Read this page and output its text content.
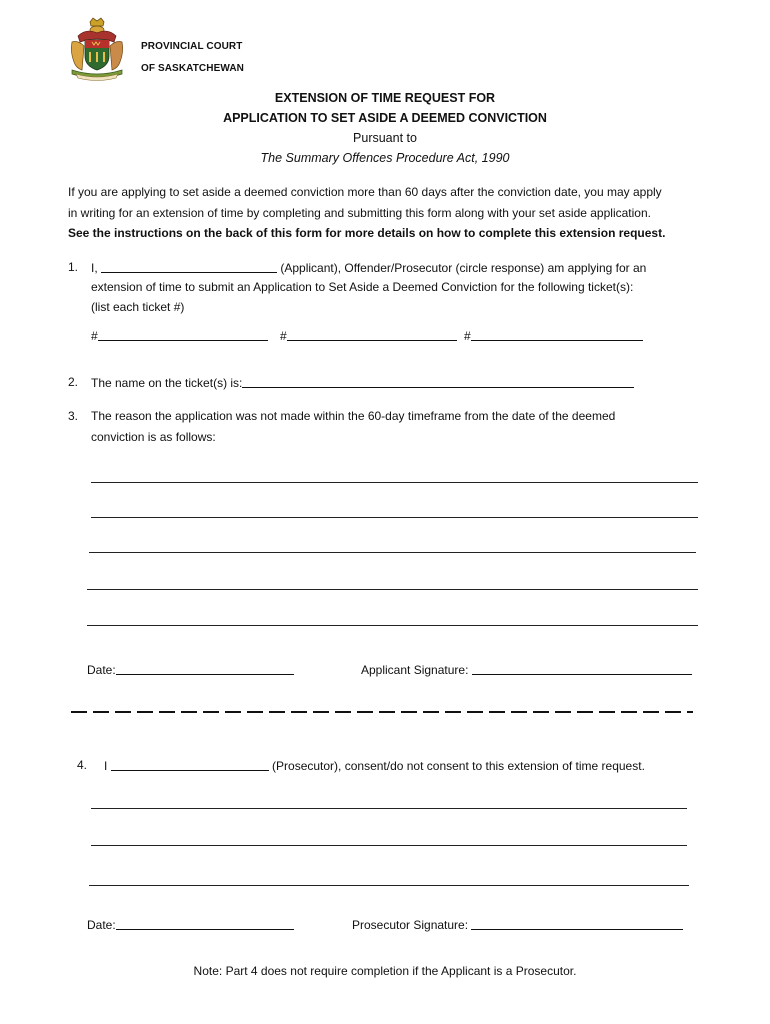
PROVINCIAL COURT
OF SASKATCHEWAN
EXTENSION OF TIME REQUEST FOR
APPLICATION TO SET ASIDE A DEEMED CONVICTION
Pursuant to
The Summary Offences Procedure Act, 1990
If you are applying to set aside a deemed conviction more than 60 days after the conviction date, you may apply
in writing for an extension of time by completing and submitting this form along with your set aside application.
See the instructions on the back of this form for more details on how to complete this extension request.
1. I,	(Applicant), Offender/Prosecutor (circle response) am applying for an
extension of time to submit an Application to Set Aside a Deemed Conviction for the following ticket(s):
(list each ticket #)
#	#	#
2. The name on the ticket(s) is:
3. The reason the application was not made within the 60-day timeframe from the date of the deemed
conviction is as follows:
Date:	Applicant Signature:
4. I	(Prosecutor), consent/do not consent to this extension of time request.
Date:	Prosecutor Signature:
Note: Part 4 does not require completion if the Applicant is a Prosecutor.
